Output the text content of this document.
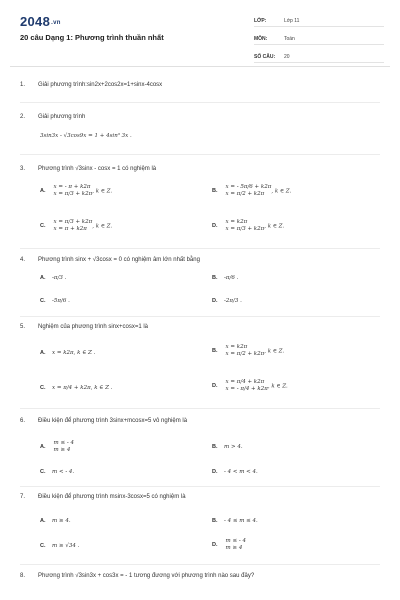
2048.vn
20 câu Dạng 1: Phương trình thuần nhất
LỚP:	Lớp 11
MÔN:	Toán
SỐ CÂU:	20
1. Giải phương trình:sin2x+2cos2x=1+sinx-4cosx
2. Giải phương trình
3sin3x - √3cos9x = 1 + 4sin³ 3x .
3. Phương trình √3sinx - cosx = 1 có nghiệm là
A.
x = - π + k2π
x = π/3 + k2π , k ∈ Z.	B.
x = - 5π/6 + k2π
x = π/2 + k2π	, k ∈ Z.
C.
x = π/3 + k2π
x = π + k2π , k ∈ Z.	D.
x = k2π
x = π/3 + k2π , k ∈ Z.
4. Phương trình sinx + √3cosx = 0 có nghiệm âm lớn nhất bằng
A. -π/3 .	B. -π/6 .
C. -5π/6 .	D. -2π/3 .
5. Nghiệm của phương trình sinx+cosx=1 là
A. x = k2π, k ∈ Z .	B.
x = k2π
x = π/2 + k2π , k ∈ Z.
C. x = π/4 + k2π, k ∈ Z .	D.
x = π/4 + k2π
x = - π/4 + k2π , k ∈ Z.
6. Điều kiện để phương trình 3sinx+mcosx=5 vô nghiệm là
A.
m ≤ - 4
m ≥ 4	B. m > 4.
C. m < - 4.	D. - 4 < m < 4.
7. Điều kiện để phương trình msinx-3cosx=5 có nghiệm là
A. m ≥ 4.	B. - 4 ≤ m ≤ 4.
C. m ≥ √34 .	D.
m ≤ - 4
m ≥ 4
8. Phương trình √3sin3x + cos3x = - 1 tương đương với phương trình nào sau đây?
